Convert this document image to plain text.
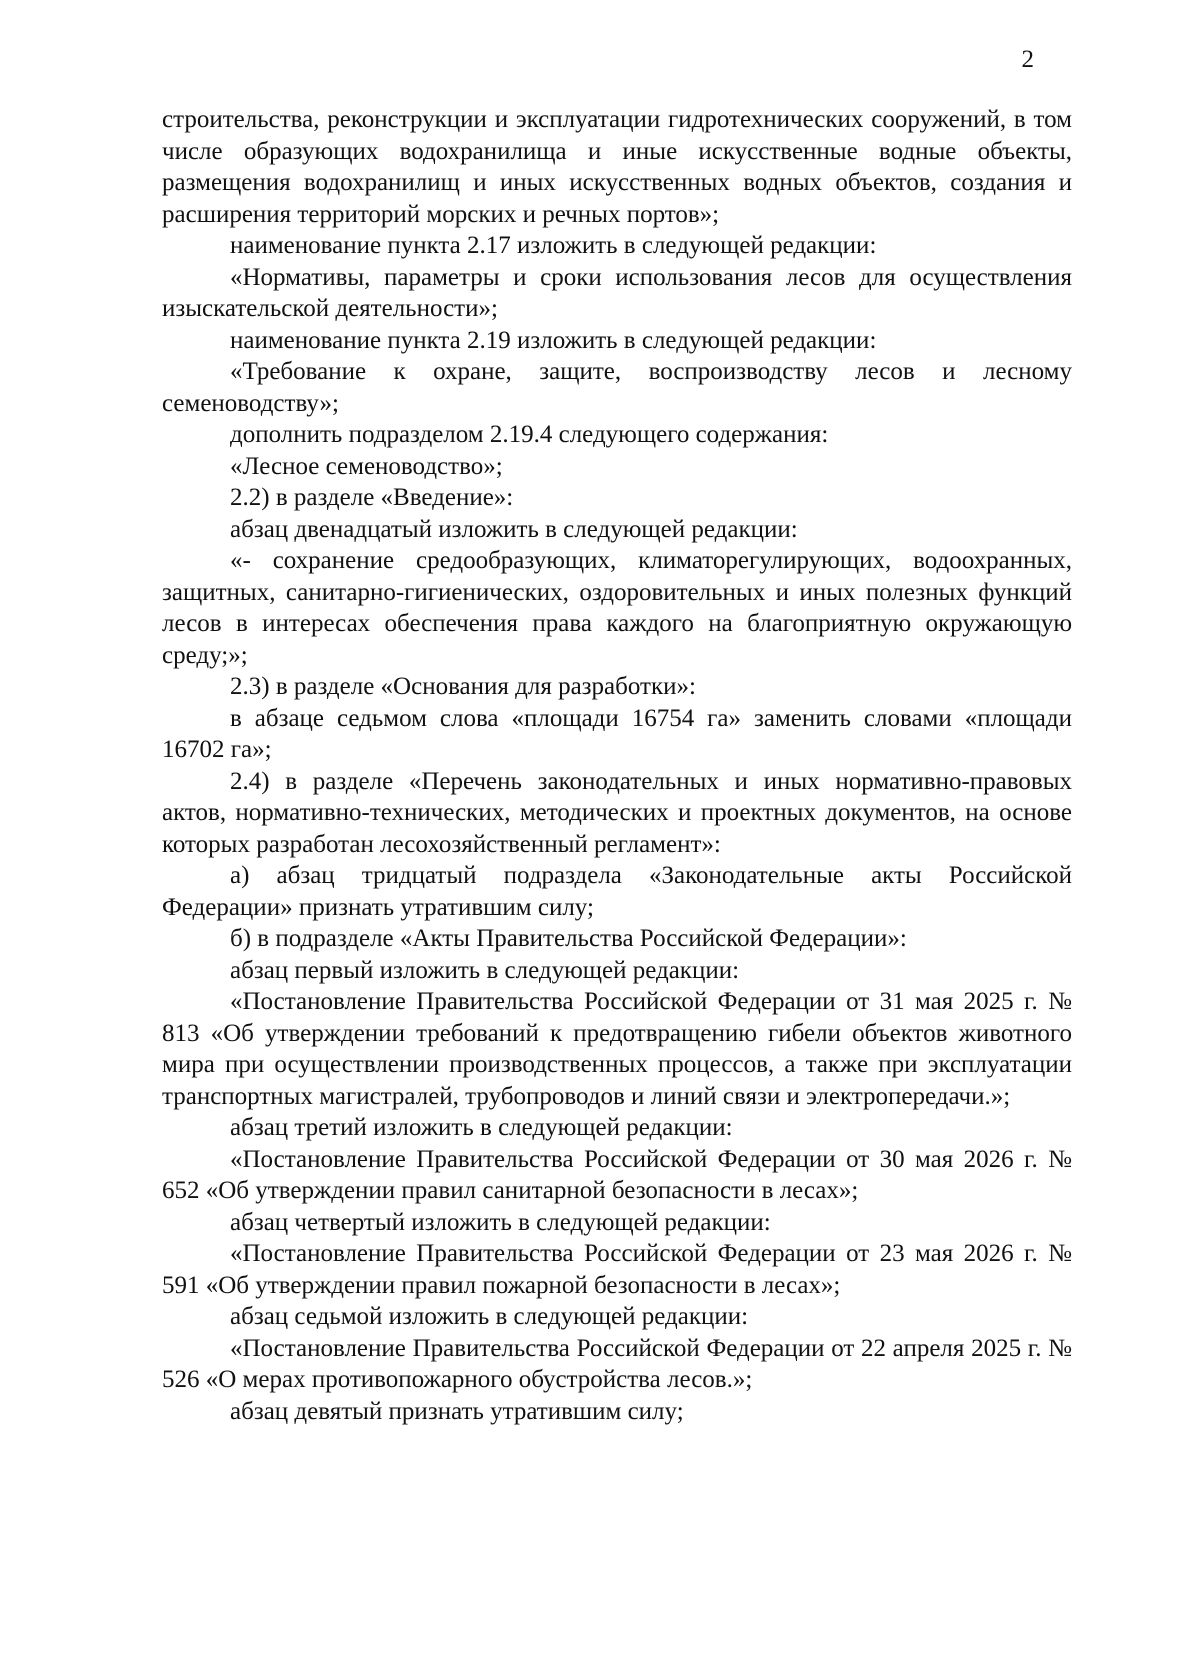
2

строительства, реконструкции и эксплуатации гидротехнических сооружений, в том числе образующих водохранилища и иные искусственные водные объекты, размещения водохранилищ и иных искусственных водных объектов, создания и расширения территорий морских и речных портов»;

наименование пункта 2.17 изложить в следующей редакции:

«Нормативы, параметры и сроки использования лесов для осуществления изыскательской деятельности»;

наименование пункта 2.19 изложить в следующей редакции:

«Требование к охране, защите, воспроизводству лесов и лесному семеноводству»;

дополнить подразделом 2.19.4 следующего содержания:

«Лесное семеноводство»;

2.2) в разделе «Введение»:

абзац двенадцатый изложить в следующей редакции:

«- сохранение средообразующих, климаторегулирующих, водоохранных, защитных, санитарно-гигиенических, оздоровительных и иных полезных функций лесов в интересах обеспечения права каждого на благоприятную окружающую среду;»;

2.3) в разделе «Основания для разработки»:

в абзаце седьмом слова «площади 16754 га» заменить словами «площади 16702 га»;

2.4) в разделе «Перечень законодательных и иных нормативно-правовых актов, нормативно-технических, методических и проектных документов, на основе которых разработан лесохозяйственный регламент»:

а) абзац тридцатый подраздела «Законодательные акты Российской Федерации» признать утратившим силу;

б) в подразделе «Акты Правительства Российской Федерации»:

абзац первый изложить в следующей редакции:

«Постановление Правительства Российской Федерации от 31 мая 2025 г. № 813 «Об утверждении требований к предотвращению гибели объектов животного мира при осуществлении производственных процессов, а также при эксплуатации транспортных магистралей, трубопроводов и линий связи и электропередачи.»;

абзац третий изложить в следующей редакции:

«Постановление Правительства Российской Федерации от 30 мая 2026 г. № 652 «Об утверждении правил санитарной безопасности в лесах»;

абзац четвертый изложить в следующей редакции:

«Постановление Правительства Российской Федерации от 23 мая 2026 г. № 591 «Об утверждении правил пожарной безопасности в лесах»;

абзац седьмой изложить в следующей редакции:

«Постановление Правительства Российской Федерации от 22 апреля 2025 г. № 526 «О мерах противопожарного обустройства лесов.»;

абзац девятый признать утратившим силу;
